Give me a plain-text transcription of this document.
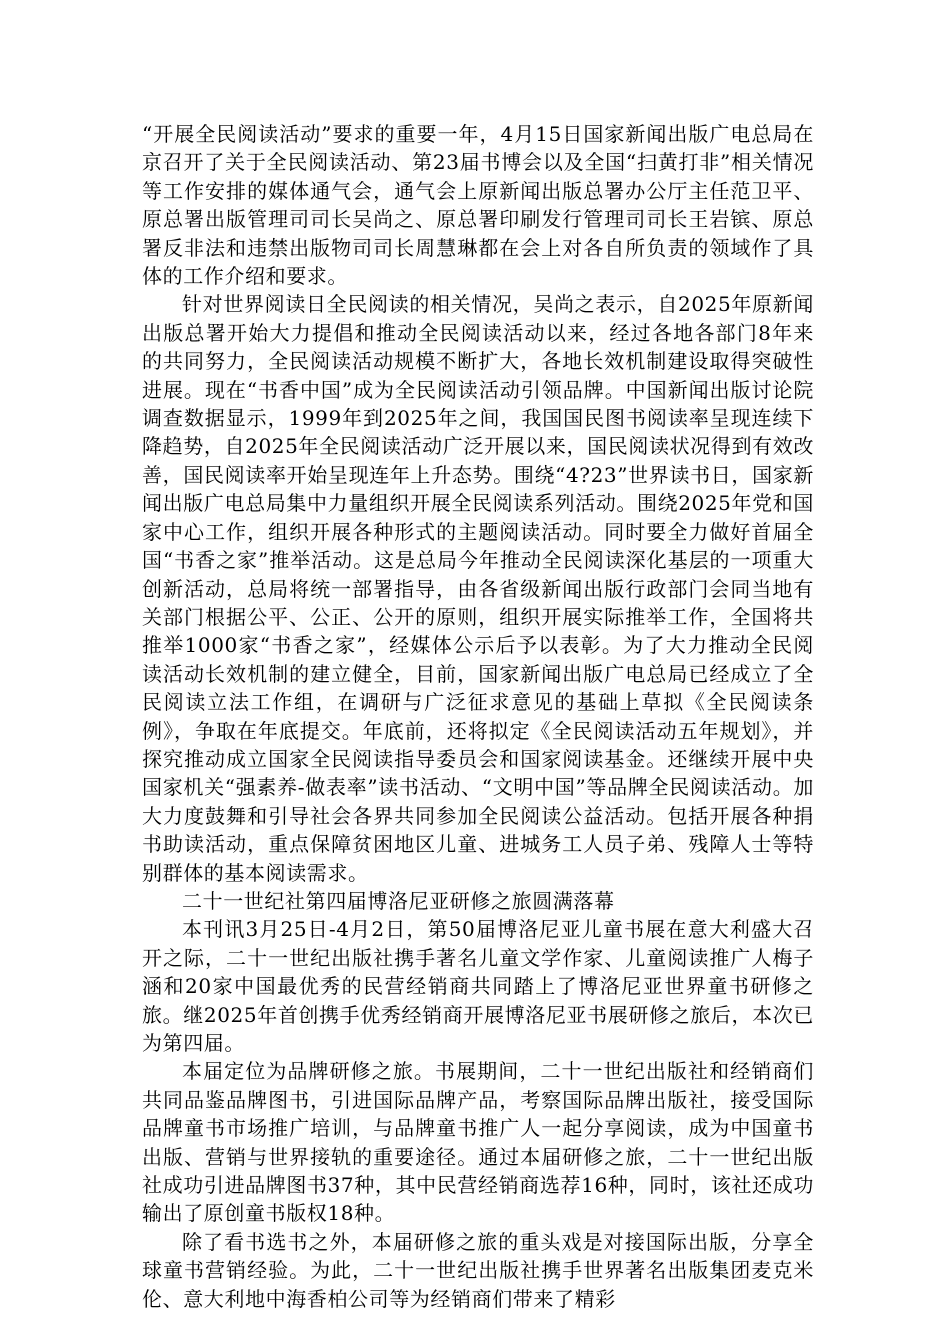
“开展全民阅读活动”要求的重要一年，4月15日国家新闻出版广电总局在京召开了关于全民阅读活动、第23届书博会以及全国“扫黄打非”相关情况等工作安排的媒体通气会，通气会上原新闻出版总署办公厅主任范卫平、原总署出版管理司司长吴尚之、原总署印刷发行管理司司长王岩镔、原总署反非法和违禁出版物司司长周慧琳都在会上对各自所负责的领域作了具体的工作介绍和要求。

针对世界阅读日全民阅读的相关情况，吴尚之表示，自2025年原新闻出版总署开始大力提倡和推动全民阅读活动以来，经过各地各部门8年来的共同努力，全民阅读活动规模不断扩大，各地长效机制建设取得突破性进展。现在“书香中国”成为全民阅读活动引领品牌。中国新闻出版讨论院调查数据显示，1999年到2025年之间，我国国民图书阅读率呈现连续下降趋势，自2025年全民阅读活动广泛开展以来，国民阅读状况得到有效改善，国民阅读率开始呈现连年上升态势。围绕“4?23”世界读书日，国家新闻出版广电总局集中力量组织开展全民阅读系列活动。围绕2025年党和国家中心工作，组织开展各种形式的主题阅读活动。同时要全力做好首届全国“书香之家”推举活动。这是总局今年推动全民阅读深化基层的一项重大创新活动，总局将统一部署指导，由各省级新闻出版行政部门会同当地有关部门根据公平、公正、公开的原则，组织开展实际推举工作，全国将共推举1000家“书香之家”，经媒体公示后予以表彰。为了大力推动全民阅读活动长效机制的建立健全，目前，国家新闻出版广电总局已经成立了全民阅读立法工作组，在调研与广泛征求意见的基础上草拟《全民阅读条例》，争取在年底提交。年底前，还将拟定《全民阅读活动五年规划》，并探究推动成立国家全民阅读指导委员会和国家阅读基金。还继续开展中央国家机关“强素养-做表率”读书活动、“文明中国”等品牌全民阅读活动。加大力度鼓舞和引导社会各界共同参加全民阅读公益活动。包括开展各种捐书助读活动，重点保障贫困地区儿童、进城务工人员子弟、残障人士等特别群体的基本阅读需求。

二十一世纪社第四届博洛尼亚研修之旅圆满落幕

本刊讯3月25日-4月2日，第50届博洛尼亚儿童书展在意大利盛大召开之际，二十一世纪出版社携手著名儿童文学作家、儿童阅读推广人梅子涵和20家中国最优秀的民营经销商共同踏上了博洛尼亚世界童书研修之旅。继2025年首创携手优秀经销商开展博洛尼亚书展研修之旅后，本次已为第四届。

本届定位为品牌研修之旅。书展期间，二十一世纪出版社和经销商们共同品鉴品牌图书，引进国际品牌产品，考察国际品牌出版社，接受国际品牌童书市场推广培训，与品牌童书推广人一起分享阅读，成为中国童书出版、营销与世界接轨的重要途径。通过本届研修之旅，二十一世纪出版社成功引进品牌图书37种，其中民营经销商选荐16种，同时，该社还成功输出了原创童书版权18种。

除了看书选书之外，本届研修之旅的重头戏是对接国际出版，分享全球童书营销经验。为此，二十一世纪出版社携手世界著名出版集团麦克米伦、意大利地中海香柏公司等为经销商们带来了精彩
